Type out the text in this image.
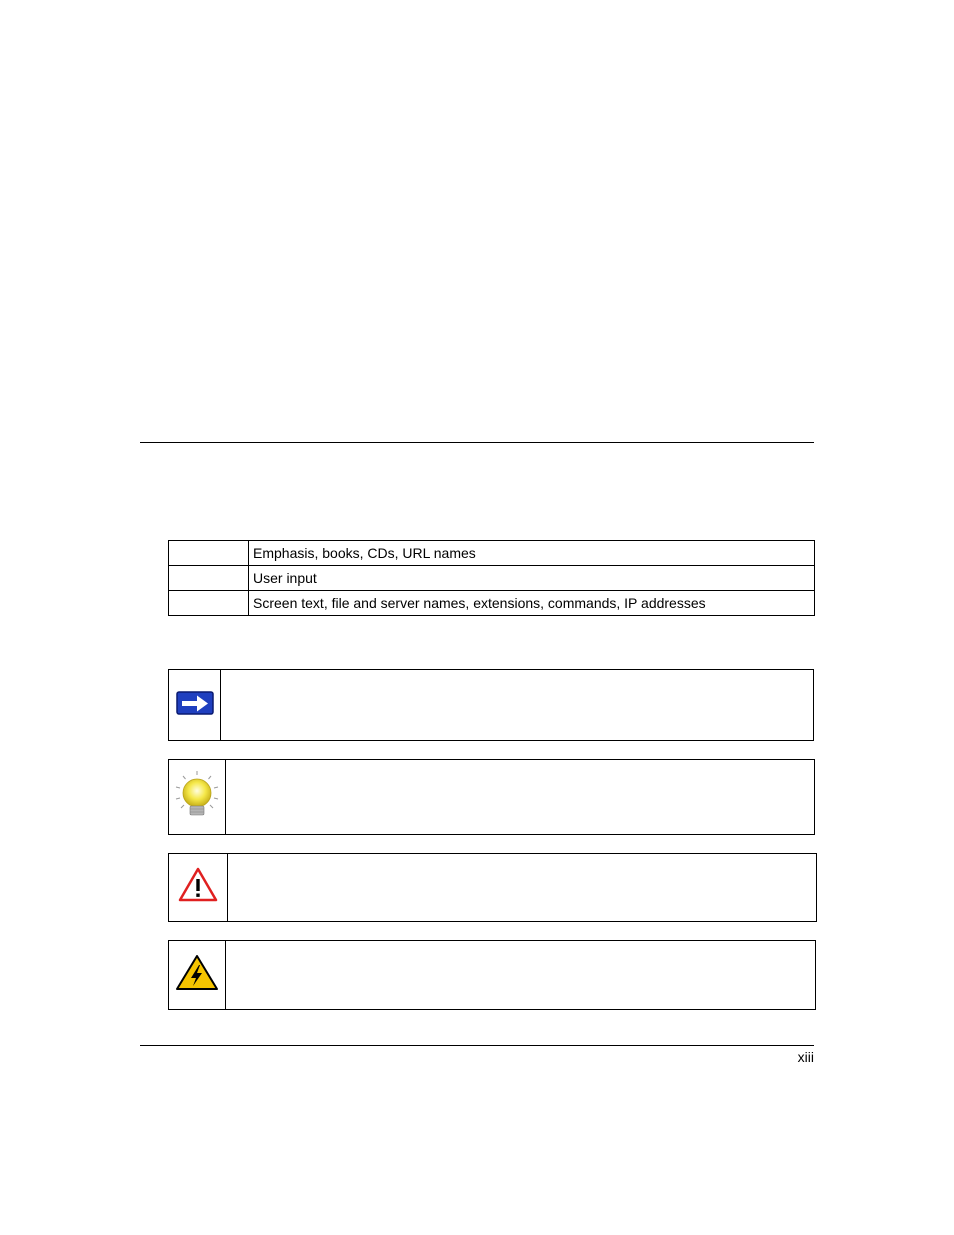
	Emphasis, books, CDs, URL names
	User input
	Screen text, file and server names, extensions, commands, IP addresses
xiii
